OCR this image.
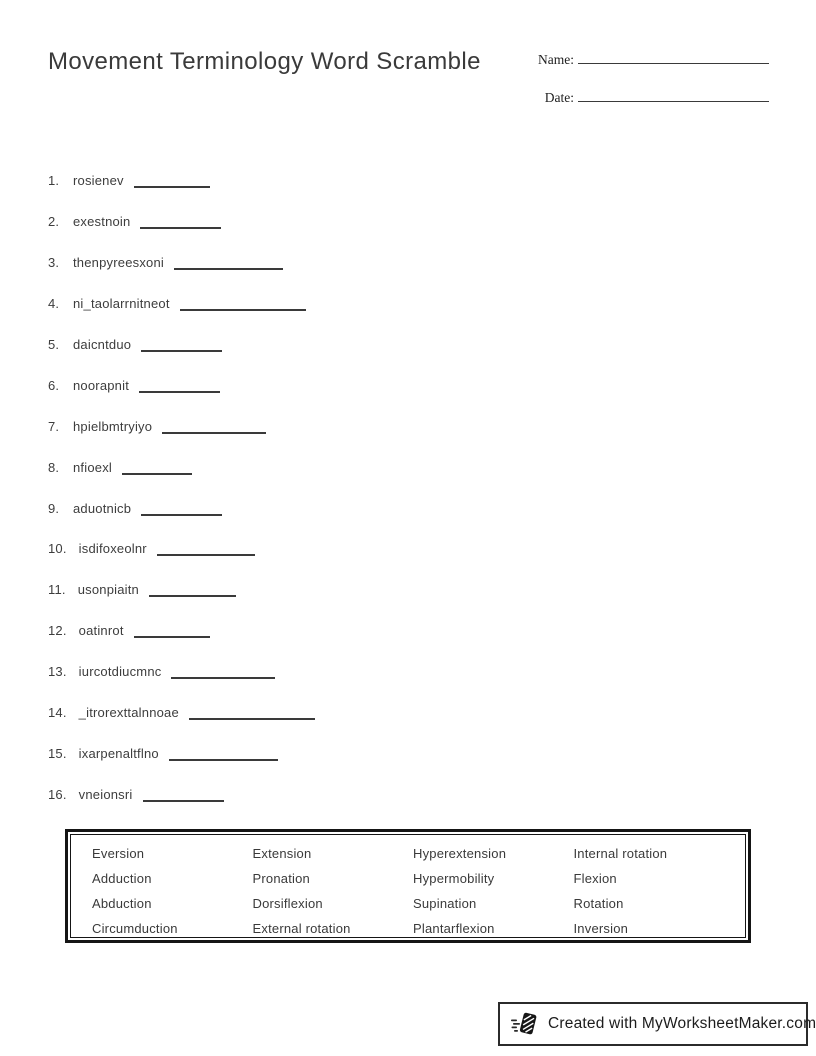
Movement Terminology Word Scramble	Name:
Date:
1. rosienev
2. exestnoin
3. thenpyreesxoni
4. ni_taolarrnitneot
5. daicntduo
6. noorapnit
7. hpielbmtryiyo
8. nfioexl
9. aduotnicb
10. isdifoxeolnr
11. usonpiaitn
12. oatinrot
13. iurcotdiucmnc
14. _itrorexttalnnoae
15. ixarpenaltflno
16. vneionsri
Eversion
Adduction
Abduction
Circumduction
Extension
Pronation
Dorsiflexion
External rotation
Hyperextension
Hypermobility
Supination
Plantarflexion
Internal rotation
Flexion
Rotation
Inversion
Created with MyWorksheetMaker.com
